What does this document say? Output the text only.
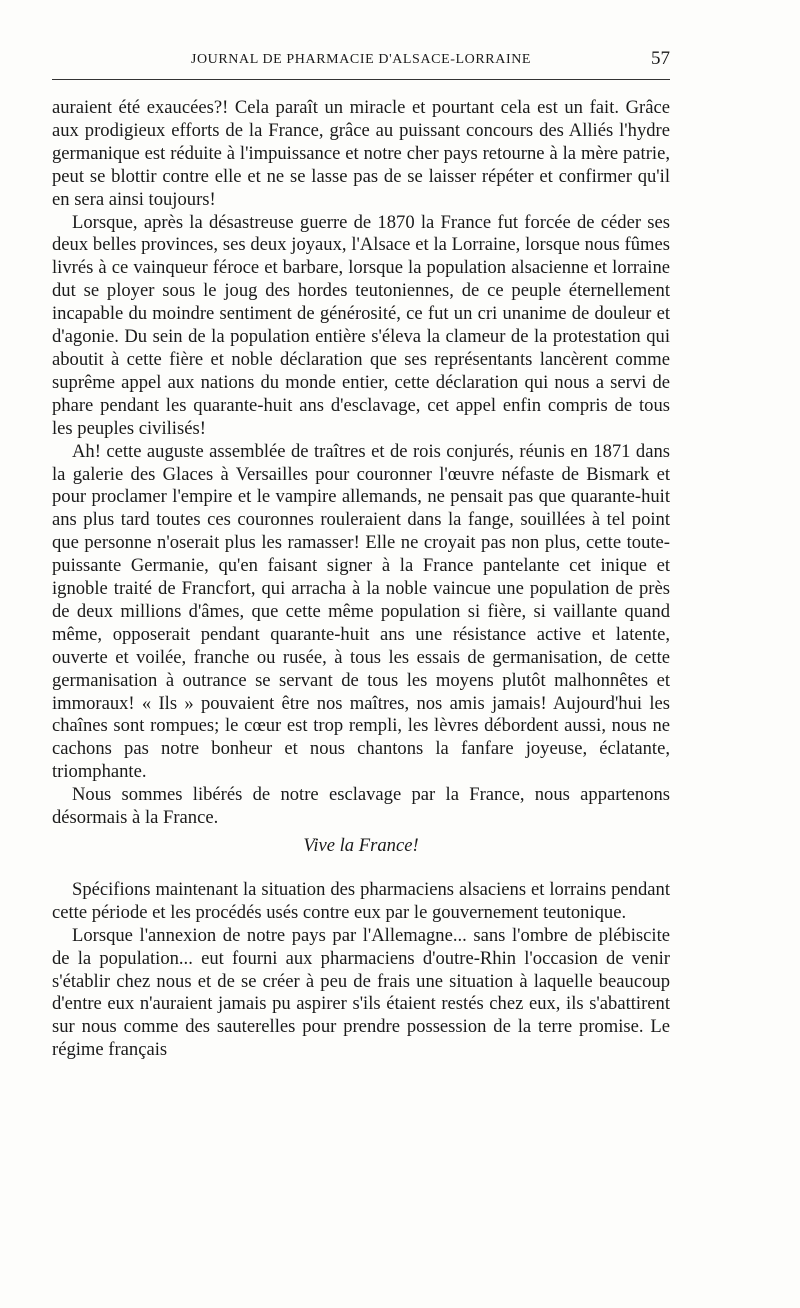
JOURNAL DE PHARMACIE D'ALSACE-LORRAINE	57

auraient été exaucées?! Cela paraît un miracle et pourtant cela est un fait. Grâce aux prodigieux efforts de la France, grâce au puissant concours des Alliés l'hydre germanique est réduite à l'impuissance et notre cher pays retourne à la mère patrie, peut se blottir contre elle et ne se lasse pas de se laisser répéter et confirmer qu'il en sera ainsi toujours!

Lorsque, après la désastreuse guerre de 1870 la France fut forcée de céder ses deux belles provinces, ses deux joyaux, l'Alsace et la Lorraine, lorsque nous fûmes livrés à ce vainqueur féroce et barbare, lorsque la population alsacienne et lorraine dut se ployer sous le joug des hordes teutoniennes, de ce peuple éternellement incapable du moindre sentiment de générosité, ce fut un cri unanime de douleur et d'agonie. Du sein de la population entière s'éleva la clameur de la protestation qui aboutit à cette fière et noble déclaration que ses représentants lancèrent comme suprême appel aux nations du monde entier, cette déclaration qui nous a servi de phare pendant les quarante-huit ans d'esclavage, cet appel enfin compris de tous les peuples civilisés!

Ah! cette auguste assemblée de traîtres et de rois conjurés, réunis en 1871 dans la galerie des Glaces à Versailles pour couronner l'œuvre néfaste de Bismark et pour proclamer l'empire et le vampire allemands, ne pensait pas que quarante-huit ans plus tard toutes ces couronnes rouleraient dans la fange, souillées à tel point que personne n'oserait plus les ramasser! Elle ne croyait pas non plus, cette toute-puissante Germanie, qu'en faisant signer à la France pantelante cet inique et ignoble traité de Francfort, qui arracha à la noble vaincue une population de près de deux millions d'âmes, que cette même population si fière, si vaillante quand même, opposerait pendant quarante-huit ans une résistance active et latente, ouverte et voilée, franche ou rusée, à tous les essais de germanisation, de cette germanisation à outrance se servant de tous les moyens plutôt malhonnêtes et immoraux! « Ils » pouvaient être nos maîtres, nos amis jamais! Aujourd'hui les chaînes sont rompues; le cœur est trop rempli, les lèvres débordent aussi, nous ne cachons pas notre bonheur et nous chantons la fanfare joyeuse, éclatante, triomphante.

Nous sommes libérés de notre esclavage par la France, nous appartenons désormais à la France.

Vive la France!

Spécifions maintenant la situation des pharmaciens alsaciens et lorrains pendant cette période et les procédés usés contre eux par le gouvernement teutonique.

Lorsque l'annexion de notre pays par l'Allemagne... sans l'ombre de plébiscite de la population... eut fourni aux pharmaciens d'outre-Rhin l'occasion de venir s'établir chez nous et de se créer à peu de frais une situation à laquelle beaucoup d'entre eux n'auraient jamais pu aspirer s'ils étaient restés chez eux, ils s'abattirent sur nous comme des sauterelles pour prendre possession de la terre promise. Le régime français
